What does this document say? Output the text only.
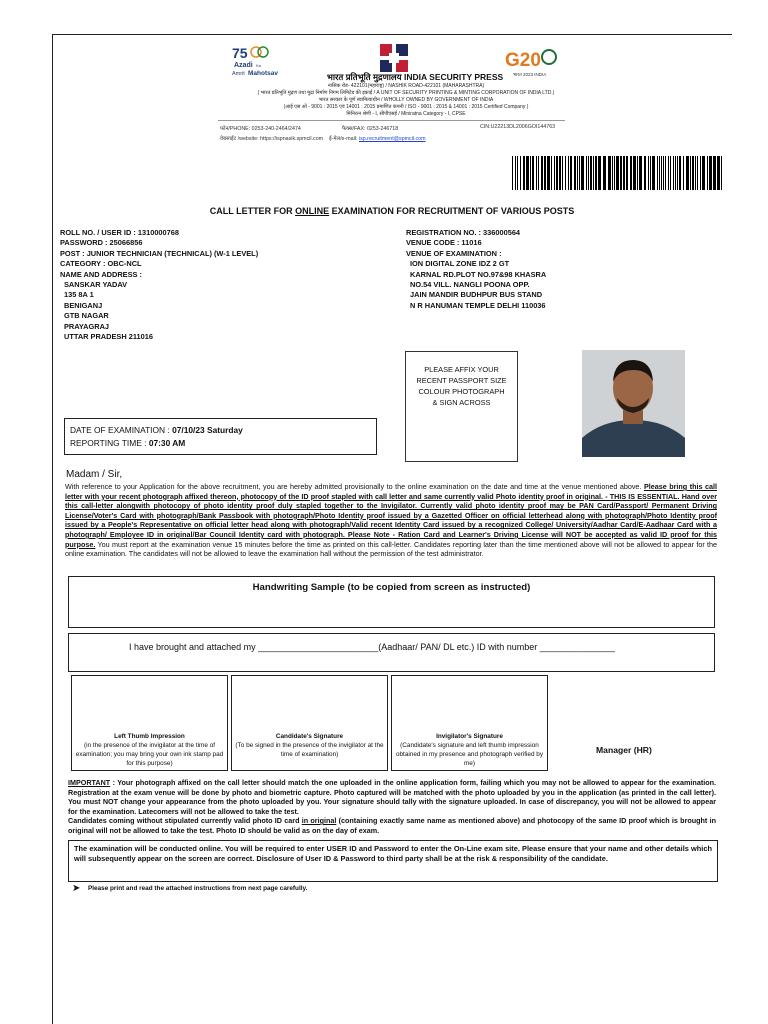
75
Azadi Ka
Amrit Mahotsav
G20
भारत 2023 INDIA
भारत प्रतिभूति मुद्रणालय INDIA SECURITY PRESS
नासिक रोड- 422101(महाराष्ट्र) / NASHIK ROAD-422101 (MAHARASHTRA)
( भारत प्रतिभूति मुद्रण तथा मुद्रा निर्माण निगम लिमिटेड की इकाई / A UNIT OF SECURITY PRINTING & MINTING CORPORATION OF INDIA LTD.)
भारत सरकार के पूर्ण स्वामित्वाधीन / WHOLLY OWNED BY GOVERNMENT OF INDIA
(आई एस ओ - 9001 : 2015 एवं 14001 : 2015 प्रमाणित कंपनी / ISO - 9001 : 2015 & 14001 : 2015 Certified Company )
मिनिरत्न श्रेणी - I, सीपीएसई / Miniratna Category - I, CPSE
फोन/PHONE: 0253-240-2464/2474	फैक्स/FAX: 0253-246718	CIN:U22213DL2006GOI144763
वेबसाईट /website: https://ispnasik.spmcil.com ई-मेल/e-mail: isp.recruitment@spmcil.com
CALL LETTER FOR ONLINE EXAMINATION FOR RECRUITMENT OF VARIOUS POSTS
ROLL NO. / USER ID : 1310000768
PASSWORD : 25066856
POST : JUNIOR TECHNICIAN (TECHNICAL) (W-1 LEVEL)
CATEGORY : OBC-NCL
NAME AND ADDRESS :
SANSKAR YADAV
135 8A 1
BENIGANJ
GTB NAGAR
PRAYAGRAJ
UTTAR PRADESH 211016
REGISTRATION NO. : 336000564
VENUE CODE : 11016
VENUE OF EXAMINATION :
ION DIGITAL ZONE IDZ 2 GT
KARNAL RD.PLOT NO.97&98 KHASRA
NO.54 VILL. NANGLI POONA OPP.
JAIN MANDIR BUDHPUR BUS STAND
N R HANUMAN TEMPLE DELHI 110036
PLEASE AFFIX YOUR
RECENT PASSPORT SIZE
COLOUR PHOTOGRAPH
& SIGN ACROSS
DATE OF EXAMINATION : 07/10/23 Saturday
REPORTING TIME : 07:30 AM
Madam / Sir,
With reference to your Application for the above recruitment, you are hereby admitted provisionally to the online examination on the date and time at the venue mentioned above. Please bring this call letter with your recent photograph affixed thereon, photocopy of the ID proof stapled with call letter and same currently valid Photo identity proof in original. - THIS IS ESSENTIAL. Hand over this call-letter alongwith photocopy of photo identity proof duly stapled together to the Invigilator. Currently valid photo identity proof may be PAN Card/Passport/ Permanent Driving License/Voter's Card with photograph/Bank Passbook with photograph/Photo Identity proof issued by a Gazetted Officer on official letterhead along with photograph/Photo Identity proof issued by a People's Representative on official letter head along with photograph/Valid recent Identity Card issued by a recognized College/ University/Aadhar Card/E-Aadhaar Card with a photograph/ Employee ID in original/Bar Council Identity card with photograph. Please Note - Ration Card and Learner's Driving License will NOT be accepted as valid ID proof for this purpose. You must report at the examination venue 15 minutes before the time as printed on this call-letter. Candidates reporting later than the time mentioned above will not be allowed to appear for the online examination. The candidates will not be allowed to leave the examination hall without the permission of the test administrator.
Handwriting Sample (to be copied from screen as instructed)
I have brought and attached my ________________________(Aadhaar/ PAN/ DL etc.) ID with number _______________
Left Thumb Impression
(in the presence of the invigilator at the time of examination; you may bring your own ink stamp pad for this purpose)
Candidate's Signature
(To be signed in the presence of the invigilator at the time of examination)
Invigilator's Signature
(Candidate's signature and left thumb impression obtained in my presence and photograph verified by me)
Manager (HR)
IMPORTANT : Your photograph affixed on the call letter should match the one uploaded in the online application form, failing which you may not be allowed to appear for the examination. Registration at the exam venue will be done by photo and biometric capture. Photo captured will be matched with the photo uploaded by you in the application (as printed in the call letter). You must NOT change your appearance from the photo uploaded by you. Your signature should tally with the signature uploaded. In case of discrepancy, you will not be allowed to appear for the examination. Latecomers will not be allowed to take the test.
Candidates coming without stipulated currently valid photo ID card in original (containing exactly same name as mentioned above) and photocopy of the same ID proof which is brought in original will not be allowed to take the test. Photo ID should be valid as on the day of exam.
The examination will be conducted online. You will be required to enter USER ID and Password to enter the On-Line exam site. Please ensure that your name and other details which will subsequently appear on the screen are correct. Disclosure of User ID & Password to third party shall be at the risk & responsibility of the candidate.
➤ Please print and read the attached instructions from next page carefully.
